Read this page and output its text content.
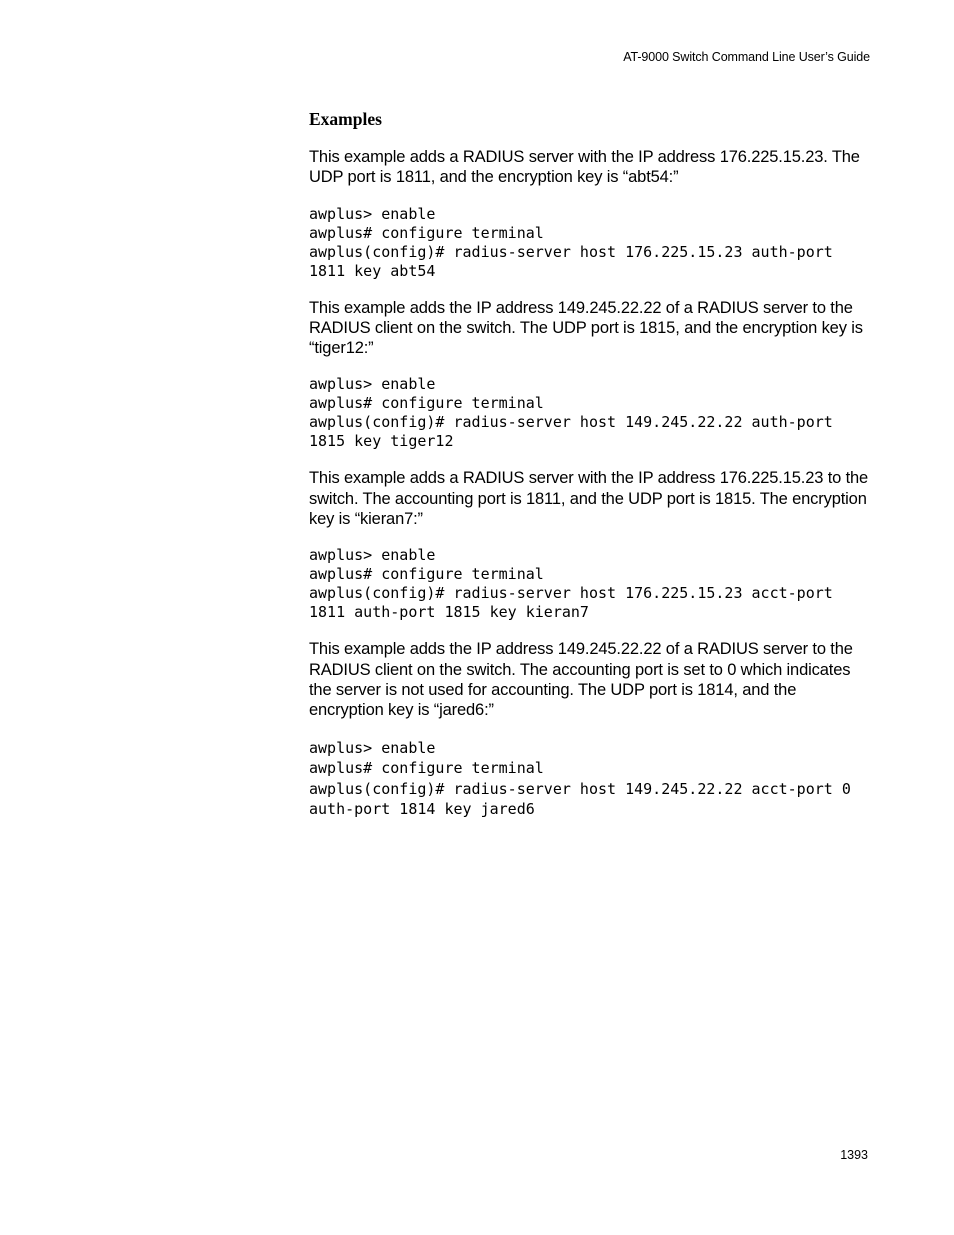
AT-9000 Switch Command Line User’s Guide
Examples

This example adds a RADIUS server with the IP address 176.225.15.23. The UDP port is 1811, and the encryption key is “abt54:”

awplus> enable
awplus# configure terminal
awplus(config)# radius-server host 176.225.15.23 auth-port
1811 key abt54

This example adds the IP address 149.245.22.22 of a RADIUS server to the RADIUS client on the switch. The UDP port is 1815, and the encryption key is “tiger12:”

awplus> enable
awplus# configure terminal
awplus(config)# radius-server host 149.245.22.22 auth-port
1815 key tiger12

This example adds a RADIUS server with the IP address 176.225.15.23 to the switch. The accounting port is 1811, and the UDP port is 1815. The encryption key is “kieran7:”

awplus> enable
awplus# configure terminal
awplus(config)# radius-server host 176.225.15.23 acct-port
1811 auth-port 1815 key kieran7

This example adds the IP address 149.245.22.22 of a RADIUS server to the RADIUS client on the switch. The accounting port is set to 0 which indicates the server is not used for accounting. The UDP port is 1814, and the encryption key is “jared6:”

awplus> enable
awplus# configure terminal
awplus(config)# radius-server host 149.245.22.22 acct-port 0
auth-port 1814 key jared6
1393
